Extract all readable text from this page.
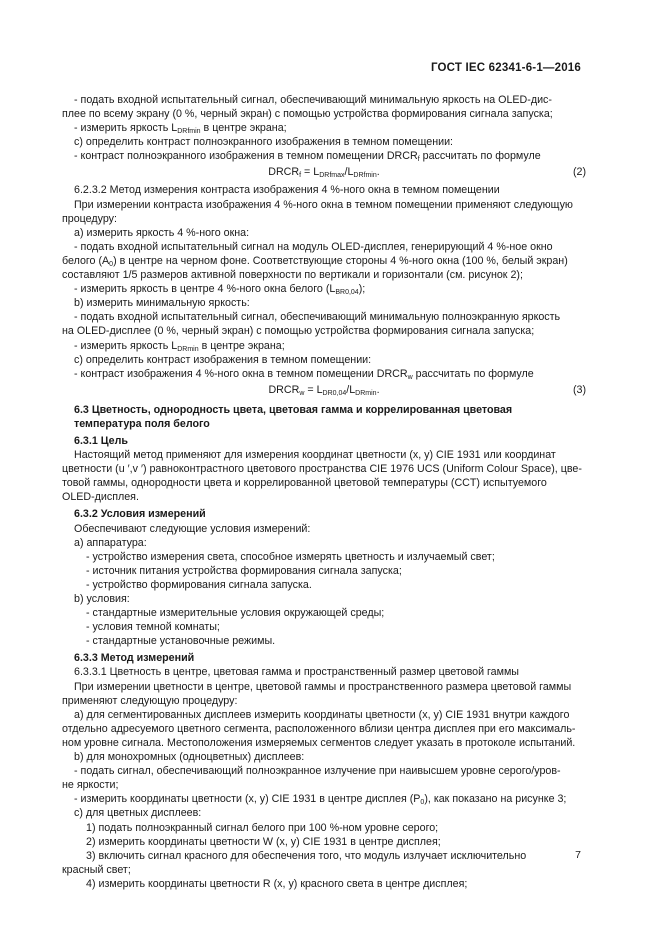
ГОСТ IEC 62341-6-1—2016

- подать входной испытательный сигнал, обеспечивающий минимальную яркость на OLED-дис-

плее по всему экрану (0 %, черный экран) с помощью устройства формирования сигнала запуска;

- измерить яркость $L_{DRfmin}$ в центре экрана;

c) определить контраст полноэкранного изображения в темном помещении:

- контраст полноэкранного изображения в темном помещении $DRCR_f$ рассчитать по формуле

$DRCR_f = L_{DRfmax}/L_{DRfmin}$.	(2)

6.2.3.2 Метод измерения контраста изображения 4 %-ного окна в темном помещении

При измерении контраста изображения 4 %-ного окна в темном помещении применяют следующую

процедуру:

a) измерить яркость 4 %-ного окна:

- подать входной испытательный сигнал на модуль OLED-дисплея, генерирующий 4 %-ное окно

белого $(A_0)$ в центре на черном фоне. Соответствующие стороны 4 %-ного окна (100 %, белый экран)

составляют 1/5 размеров активной поверхности по вертикали и горизонтали (см. рисунок 2);

- измерить яркость в центре 4 %-ного окна белого $(L_{BR0,04})$;

b) измерить минимальную яркость:

- подать входной испытательный сигнал, обеспечивающий минимальную полноэкранную яркость

на OLED-дисплее (0 %, черный экран) с помощью устройства формирования сигнала запуска;

- измерить яркость $L_{DRmin}$ в центре экрана;

c) определить контраст изображения в темном помещении:

- контраст изображения 4 %-ного окна в темном помещении $DRCR_w$ рассчитать по формуле

$DRCR_w = L_{DR0,04}/L_{DRmin}$.	(3)

6.3 Цветность, однородность цвета, цветовая гамма и коррелированная цветовая

температура поля белого

6.3.1 Цель

Настоящий метод применяют для измерения координат цветности (x, y) CIE 1931 или координат

цветности (u ′,v ′) равноконтрастного цветового пространства CIE 1976 UCS (Uniform Colour Space), цве-

товой гаммы, однородности цвета и коррелированной цветовой температуры (CCT) испытуемого

OLED-дисплея.

6.3.2 Условия измерений

Обеспечивают следующие условия измерений:

a) аппаратура:

- устройство измерения света, способное измерять цветность и излучаемый свет;

- источник питания устройства формирования сигнала запуска;

- устройство формирования сигнала запуска.

b) условия:

- стандартные измерительные условия окружающей среды;

- условия темной комнаты;

- стандартные установочные режимы.

6.3.3 Метод измерений

6.3.3.1 Цветность в центре, цветовая гамма и пространственный размер цветовой гаммы

При измерении цветности в центре, цветовой гаммы и пространственного размера цветовой гаммы

применяют следующую процедуру:

a) для сегментированных дисплеев измерить координаты цветности (x, y) CIE 1931 внутри каждого

отдельно адресуемого цветного сегмента, расположенного вблизи центра дисплея при его максималь-

ном уровне сигнала. Местоположения измеряемых сегментов следует указать в протоколе испытаний.

b) для монохромных (одноцветных) дисплеев:

- подать сигнал, обеспечивающий полноэкранное излучение при наивысшем уровне серого/уров-

не яркости;

- измерить координаты цветности (x, y) CIE 1931 в центре дисплея $(P_0)$, как показано на рисунке 3;

c) для цветных дисплеев:

1) подать полноэкранный сигнал белого при 100 %-ном уровне серого;

2) измерить координаты цветности W (x, y) CIE 1931 в центре дисплея;

3) включить сигнал красного для обеспечения того, что модуль излучает исключительно

красный свет;

4) измерить координаты цветности R (x, y) красного света в центре дисплея;

7
